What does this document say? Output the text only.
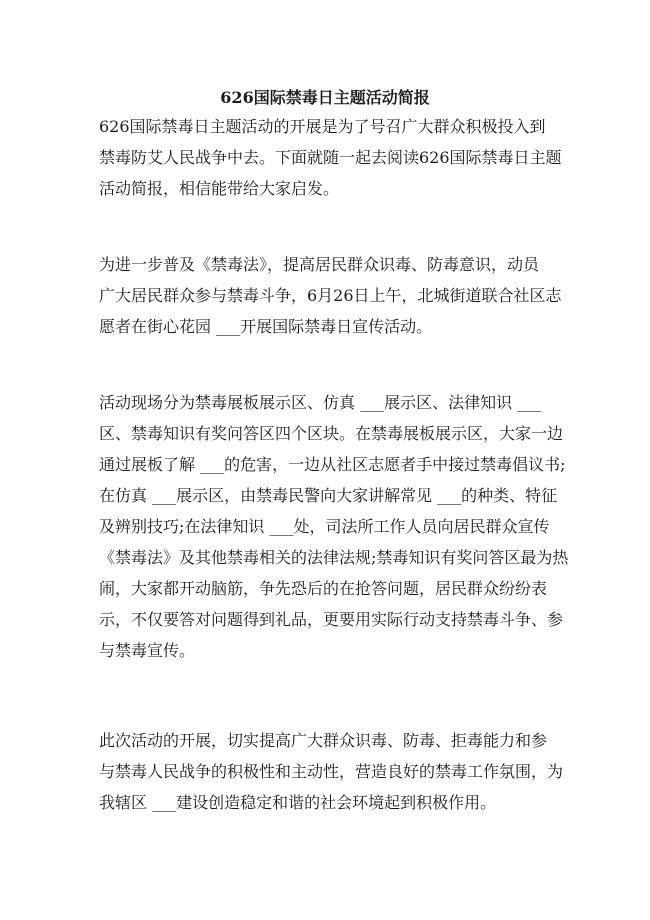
626国际禁毒日主题活动简报
626国际禁毒日主题活动的开展是为了号召广大群众积极投入到
禁毒防艾人民战争中去。下面就随一起去阅读626国际禁毒日主题
活动简报，相信能带给大家启发。
为进一步普及《禁毒法》，提高居民群众识毒、防毒意识，动员
广大居民群众参与禁毒斗争，6月26日上午，北城街道联合社区志
愿者在街心花园 ___开展国际禁毒日宣传活动。
活动现场分为禁毒展板展示区、仿真 ___展示区、法律知识 ___
区、禁毒知识有奖问答区四个区块。在禁毒展板展示区，大家一边
通过展板了解 ___的危害，一边从社区志愿者手中接过禁毒倡议书;
在仿真 ___展示区，由禁毒民警向大家讲解常见 ___的种类、特征
及辨别技巧;在法律知识 ___处，司法所工作人员向居民群众宣传
《禁毒法》及其他禁毒相关的法律法规;禁毒知识有奖问答区最为热
闹，大家都开动脑筋，争先恐后的在抢答问题，居民群众纷纷表
示，不仅要答对问题得到礼品，更要用实际行动支持禁毒斗争、参
与禁毒宣传。
此次活动的开展，切实提高广大群众识毒、防毒、拒毒能力和参
与禁毒人民战争的积极性和主动性，营造良好的禁毒工作氛围，为
我辖区 ___建设创造稳定和谐的社会环境起到积极作用。
